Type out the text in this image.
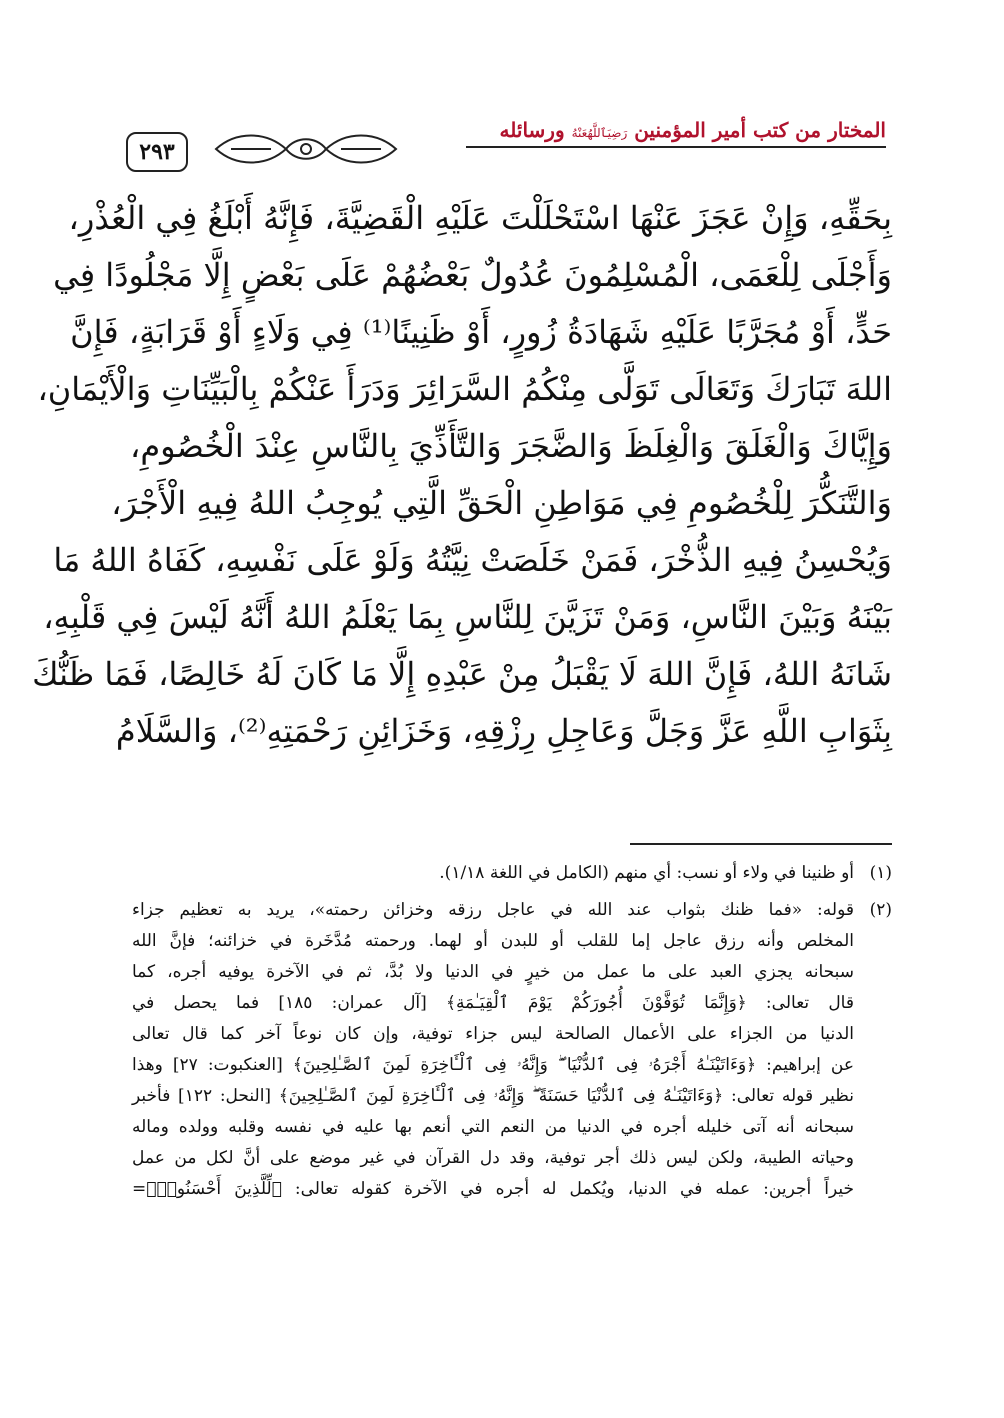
٢٩٣
المختار من كتب أمير المؤمنين رَضِيَٱللَّهُعَنْهُ ورسائله

بِحَقِّهِ، وَإِنْ عَجَزَ عَنْهَا اسْتَحْلَلْتَ عَلَيْهِ الْقَضِيَّةَ، فَإِنَّهُ أَبْلَغُ فِي الْعُذْرِ،

وَأَجْلَى لِلْعَمَى، الْمُسْلِمُونَ عُدُولٌ بَعْضُهُمْ عَلَى بَعْضٍ إِلَّا مَجْلُودًا فِي

حَدٍّ، أَوْ مُجَرَّبًا عَلَيْهِ شَهَادَةُ زُورٍ، أَوْ ظَنِينًا⁽¹⁾ فِي وَلَاءٍ أَوْ قَرَابَةٍ، فَإِنَّ

اللهَ تَبَارَكَ وَتَعَالَى تَوَلَّى مِنْكُمُ السَّرَائِرَ وَدَرَأَ عَنْكُمْ بِالْبَيِّنَاتِ وَالْأَيْمَانِ،

وَإِيَّاكَ وَالْغَلَقَ وَالْغِلَظَ وَالضَّجَرَ وَالتَّأَذِّيَ بِالنَّاسِ عِنْدَ الْخُصُومِ،

وَالتَّنَكُّرَ لِلْخُصُومِ فِي مَوَاطِنِ الْحَقِّ الَّتِي يُوجِبُ اللهُ فِيهِ الْأَجْرَ،

وَيُحْسِنُ فِيهِ الذُّخْرَ، فَمَنْ خَلَصَتْ نِيَّتُهُ وَلَوْ عَلَى نَفْسِهِ، كَفَاهُ اللهُ مَا

بَيْنَهُ وَبَيْنَ النَّاسِ، وَمَنْ تَزَيَّنَ لِلنَّاسِ بِمَا يَعْلَمُ اللهُ أَنَّهُ لَيْسَ فِي قَلْبِهِ،

شَانَهُ اللهُ، فَإِنَّ اللهَ لَا يَقْبَلُ مِنْ عَبْدِهِ إِلَّا مَا كَانَ لَهُ خَالِصًا، فَمَا ظَنُّكَ

بِثَوَابِ اللَّهِ عَزَّ وَجَلَّ وَعَاجِلِ رِزْقِهِ، وَخَزَائِنِ رَحْمَتِهِ⁽²⁾، وَالسَّلَامُ

(١)
أو ظنينا في ولاء أو نسب: أي منهم (الكامل في اللغة ١/١٨).
(٢)
قوله: «فما ظنك بثواب عند الله في عاجل رزقه وخزائن رحمته»، يريد به تعظيم جزاء
المخلص وأنه رزق عاجل إما للقلب أو للبدن أو لهما. ورحمته مُدَّخَرة في خزائنه؛ فإنَّ الله
سبحانه يجزي العبد على ما عمل من خيرٍ في الدنيا ولا بُدَّ، ثم في الآخرة يوفيه أجره، كما
قال تعالى: ﴿وَإِنَّمَا تُوَفَّوْنَ أُجُورَكُمْ يَوْمَ ٱلْقِيَـٰمَةِ﴾ [آل عمران: ١٨٥] فما يحصل في
الدنيا من الجزاء على الأعمال الصالحة ليس جزاء توفية، وإن كان نوعاً آخر كما قال تعالى
عن إبراهيم: ﴿وَءَاتَيْنَـٰهُ أَجْرَهُۥ فِى ٱلدُّنْيَا ۖ وَإِنَّهُۥ فِى ٱلْـَٔاخِرَةِ لَمِنَ ٱلصَّـٰلِحِينَ﴾ [العنكبوت: ٢٧] وهذا
نظير قوله تعالى: ﴿وَءَاتَيْنَـٰهُ فِى ٱلدُّنْيَا حَسَنَةً ۖ وَإِنَّهُۥ فِى ٱلْـَٔاخِرَةِ لَمِنَ ٱلصَّـٰلِحِينَ﴾ [النحل: ١٢٢] فأخبر
سبحانه أنه آتى خليله أجره في الدنيا من النعم التي أنعم بها عليه في نفسه وقلبه وولده وماله
وحياته الطيبة، ولكن ليس ذلك أجر توفية، وقد دل القرآن في غير موضع على أنَّ لكل من عمل
خيراً أجرين: عمله في الدنيا، ويُكمل له أجره في الآخرة كقوله تعالى: ﴿لِّلَّذِينَ أَحْسَنُوا۟﴾=
